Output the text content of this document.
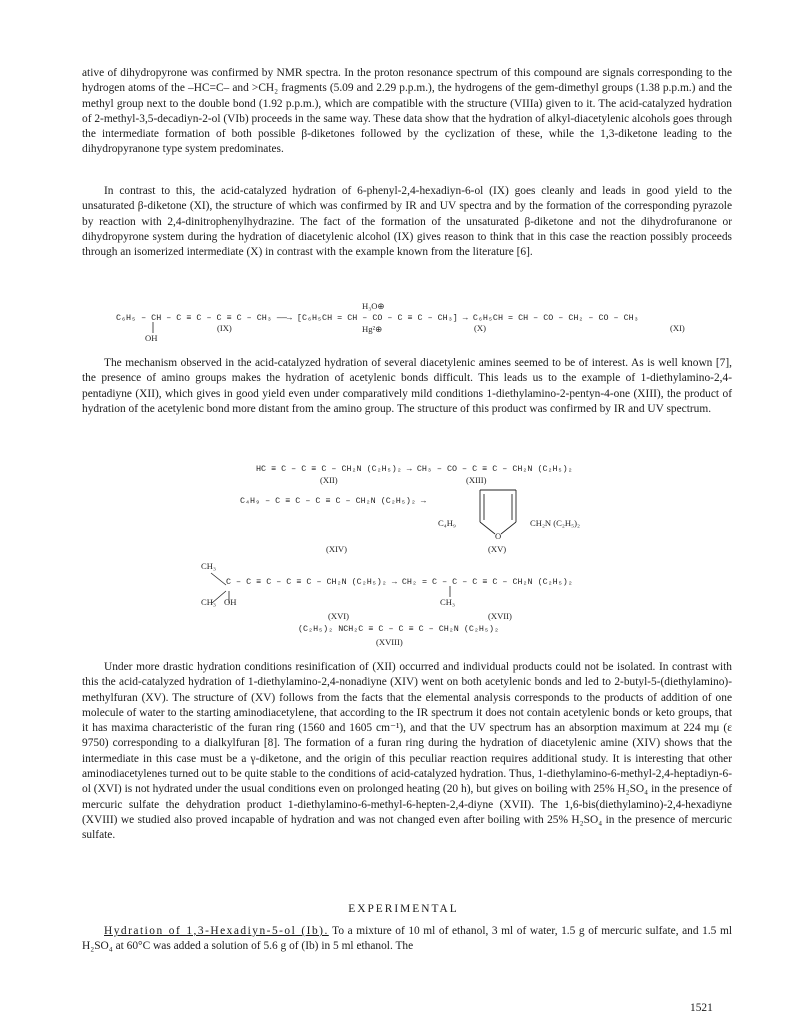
ative of dihydropyrone was confirmed by NMR spectra. In the proton resonance spectrum of this compound are signals corresponding to the hydrogen atoms of the –HC=C– and >CH₂ fragments (5.09 and 2.29 p.p.m.), the hydrogens of the gem-dimethyl groups (1.38 p.p.m.) and the methyl group next to the double bond (1.92 p.p.m.), which are compatible with the structure (VIIIa) given to it. The acid-catalyzed hydration of 2-methyl-3,5-decadiyn-2-ol (VIb) proceeds in the same way. These data show that the hydration of alkyl-diacetylenic alcohols goes through the intermediate formation of both possible β-diketones followed by the cyclization of these, while the 1,3-diketone leading to the dihydropyranone type system predominates.

In contrast to this, the acid-catalyzed hydration of 6-phenyl-2,4-hexadiyn-6-ol (IX) goes cleanly and leads in good yield to the unsaturated β-diketone (XI), the structure of which was confirmed by IR and UV spectra and by the formation of the corresponding pyrazole by reaction with 2,4-dinitrophenylhydrazine. The fact of the formation of the unsaturated β-diketone and not the dihydrofuranone or dihydropyrone system during the hydration of diacetylenic alcohol (IX) gives reason to think that in this case the reaction possibly proceeds through an isomerized intermediate (X) in contrast with the example known from the literature [6].

H₃O⊕
C₆H₅ – CH – C ≡ C – C ≡ C – CH₃ ——→ [C₆H₅CH = CH – CO – C ≡ C – CH₃] → C₆H₅CH = CH – CO – CH₂ – CO – CH₃
Hg²⊕
(IX)	(X)	(XI)
OH

The mechanism observed in the acid-catalyzed hydration of several diacetylenic amines seemed to be of interest. As is well known [7], the presence of amino groups makes the hydration of acetylenic bonds difficult. This leads us to the example of 1-diethylamino-2,4-pentadiyne (XII), which gives in good yield even under comparatively mild conditions 1-diethylamino-2-pentyn-4-one (XIII), the product of hydration of the acetylenic bond more distant from the amino group. The structure of this product was confirmed by IR and UV spectrum.

HC ≡ C – C ≡ C – CH₂N (C₂H₅)₂ → CH₃ – CO – C ≡ C – CH₂N (C₂H₅)₂
(XII)	(XIII)
C₄H₉ – C ≡ C – C ≡ C – CH₂N (C₂H₅)₂ →
C₄H₉	CH₂N (C₂H₅)₂
O
(XIV)	(XV)
CH₃
C – C ≡ C – C ≡ C – CH₂N (C₂H₅)₂ → CH₂ = C – C – C ≡ C – CH₂N (C₂H₅)₂
CH₃ OH	CH₃
(XVI)	(XVII)
(C₂H₅)₂ NCH₂C ≡ C – C ≡ C – CH₂N (C₂H₅)₂
(XVIII)

Under more drastic hydration conditions resinification of (XII) occurred and individual products could not be isolated. In contrast with this the acid-catalyzed hydration of 1-diethylamino-2,4-nonadiyne (XIV) went on both acetylenic bonds and led to 2-butyl-5-(diethylamino)-methylfuran (XV). The structure of (XV) follows from the facts that the elemental analysis corresponds to the products of addition of one molecule of water to the starting aminodiacetylene, that according to the IR spectrum it does not contain acetylenic bonds or keto groups, that it has maxima characteristic of the furan ring (1560 and 1605 cm⁻¹), and that the UV spectrum has an absorption maximum at 224 mμ (ε 9750) corresponding to a dialkylfuran [8]. The formation of a furan ring during the hydration of diacetylenic amine (XIV) shows that the intermediate in this case must be a γ-diketone, and the origin of this peculiar reaction requires additional study. It is interesting that other aminodiacetylenes turned out to be quite stable to the conditions of acid-catalyzed hydration. Thus, 1-diethylamino-6-methyl-2,4-heptadiyn-6-ol (XVI) is not hydrated under the usual conditions even on prolonged heating (20 h), but gives on boiling with 25% H₂SO₄ in the presence of mercuric sulfate the dehydration product 1-diethylamino-6-methyl-6-hepten-2,4-diyne (XVII). The 1,6-bis(diethylamino)-2,4-hexadiyne (XVIII) we studied also proved incapable of hydration and was not changed even after boiling with 25% H₂SO₄ in the presence of mercuric sulfate.

EXPERIMENTAL

Hydration of 1,3-Hexadiyn-5-ol (Ib). To a mixture of 10 ml of ethanol, 3 ml of water, 1.5 g of mercuric sulfate, and 1.5 ml H₂SO₄ at 60°C was added a solution of 5.6 g of (Ib) in 5 ml ethanol. The

1521
